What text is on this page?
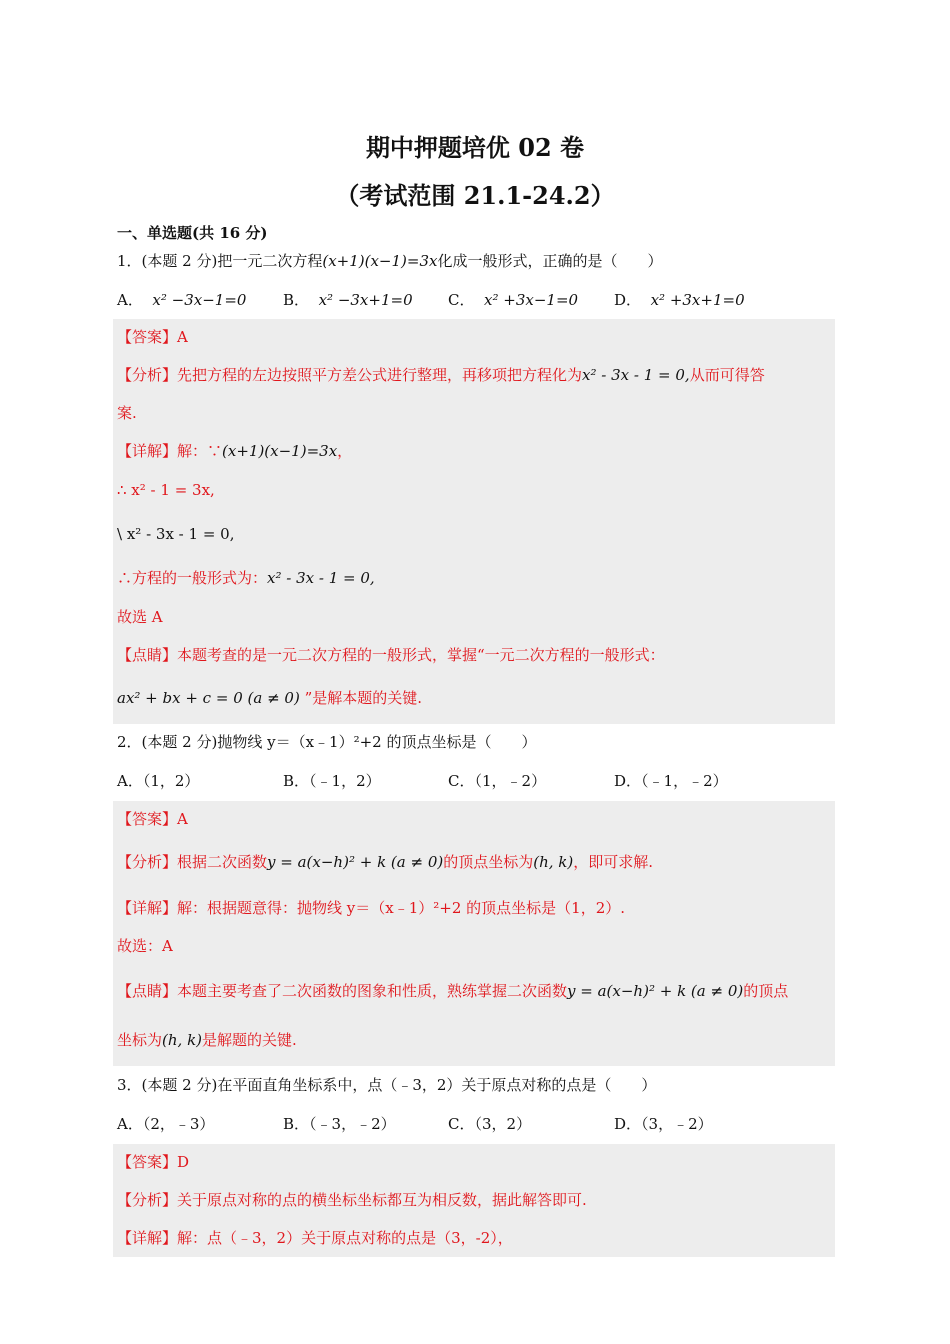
期中押题培优 02 卷
（考试范围 21.1-24.2）
一、单选题(共 16 分)
1．(本题 2 分)把一元二次方程(x+1)(x−1)=3x化成一般形式，正确的是（　　）
A． x² −3x−1=0 B． x² −3x+1=0 C． x² +3x−1=0 D． x² +3x+1=0
【答案】A
【分析】先把方程的左边按照平方差公式进行整理，再移项把方程化为x² - 3x - 1 = 0,从而可得答
案.
【详解】解：∵(x+1)(x−1)=3x，
∴ x² - 1 = 3x,
\ x² - 3x - 1 = 0,
∴方程的一般形式为：x² - 3x - 1 = 0,
故选 A
【点睛】本题考查的是一元二次方程的一般形式，掌握“一元二次方程的一般形式：
ax² + bx + c = 0 (a ≠ 0) ”是解本题的关键.
2．(本题 2 分)抛物线 y＝（x﹣1）²+2 的顶点坐标是（　　）
A．（1，2）	B．（﹣1，2）	C．（1，﹣2）	D．（﹣1，﹣2）
【答案】A
【分析】根据二次函数y = a(x−h)² + k (a ≠ 0)的顶点坐标为(h, k)，即可求解.
【详解】解：根据题意得：抛物线 y＝（x﹣1）²+2 的顶点坐标是（1，2）.
故选：A
【点睛】本题主要考查了二次函数的图象和性质，熟练掌握二次函数y = a(x−h)² + k (a ≠ 0)的顶点
坐标为(h, k)是解题的关键.
3．(本题 2 分)在平面直角坐标系中，点（﹣3，2）关于原点对称的点是（　　）
A．（2，﹣3）	B．（﹣3，﹣2）	C．（3，2）	D．（3，﹣2）
【答案】D
【分析】关于原点对称的点的横坐标坐标都互为相反数，据此解答即可.
【详解】解：点（﹣3，2）关于原点对称的点是（3，-2），
